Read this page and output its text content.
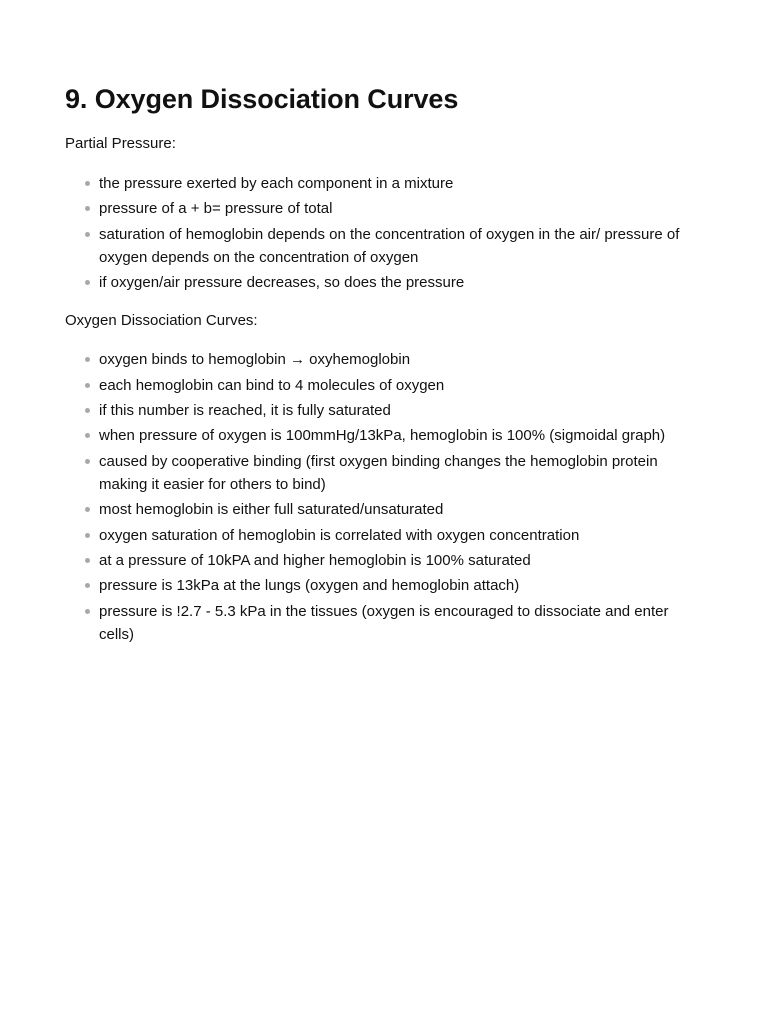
9. Oxygen Dissociation Curves

Partial Pressure:

the pressure exerted by each component in a mixture
pressure of a + b= pressure of total
saturation of hemoglobin depends on the concentration of oxygen in the air/ pressure of oxygen depends on the concentration of oxygen
if oxygen/air pressure decreases, so does the pressure

Oxygen Dissociation Curves:

oxygen binds to hemoglobin → oxyhemoglobin
each hemoglobin can bind to 4 molecules of oxygen
if this number is reached, it is fully saturated
when pressure of oxygen is 100mmHg/13kPa, hemoglobin is 100% (sigmoidal graph)
caused by cooperative binding (first oxygen binding changes the hemoglobin protein making it easier for others to bind)
most hemoglobin is either full saturated/unsaturated
oxygen saturation of hemoglobin is correlated with oxygen concentration
at a pressure of 10kPA and higher hemoglobin is 100% saturated
pressure is 13kPa at the lungs (oxygen and hemoglobin attach)
pressure is !2.7 - 5.3 kPa in the tissues (oxygen is encouraged to dissociate and enter cells)
